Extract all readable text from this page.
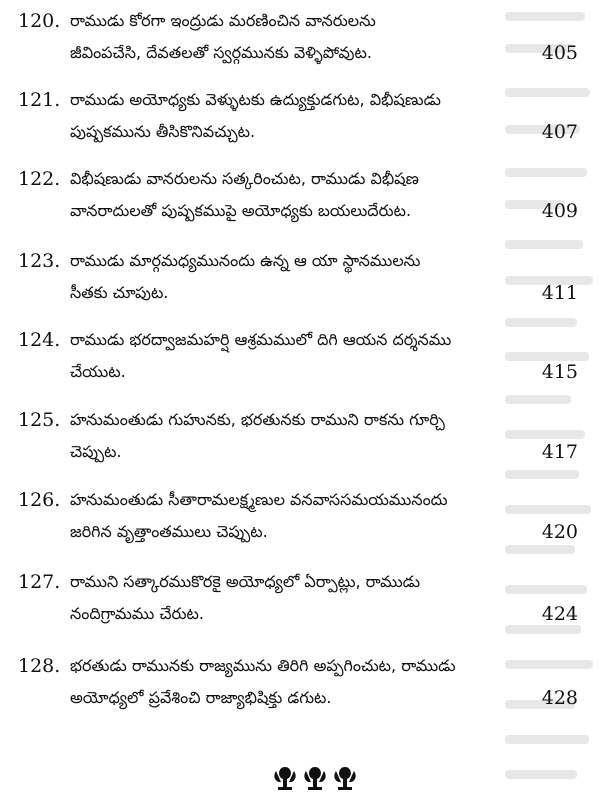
120. రాముడు కోరగా ఇంద్రుడు మరణించిన వానరులను
జీవింపచేసి, దేవతలతో స్వర్గమునకు వెళ్ళిపోవుట.	405
121. రాముడు అయోధ్యకు వెళ్ళుటకు ఉద్యుక్తుడగుట, విభీషణుడు
పుష్పకమును తీసికొనివచ్చుట.	407
122. విభీషణుడు వానరులను సత్కరించుట, రాముడు విభీషణ
వానరాదులతో పుష్పకముపై అయోధ్యకు బయలుదేరుట.	409
123. రాముడు మార్గమధ్యమునందు ఉన్న ఆ యా స్థానములను
సీతకు చూపుట.	411
124. రాముడు భరద్వాజమహర్షి ఆశ్రమములో దిగి ఆయన దర్శనము
చేయుట.	415
125. హనుమంతుడు గుహునకు, భరతునకు రాముని రాకను గూర్చి
చెప్పుట.	417
126. హనుమంతుడు సీతారామలక్ష్మణుల వనవాససమయమునందు
జరిగిన వృత్తాంతములు చెప్పుట.	420
127. రాముని సత్కారముకొరకై అయోధ్యలో ఏర్పాట్లు, రాముడు
నందిగ్రామము చేరుట.	424
128. భరతుడు రామునకు రాజ్యమును తిరిగి అప్పగించుట, రాముడు
అయోధ్యలో ప్రవేశించి రాజ్యాభిషిక్తు డగుట.	428
